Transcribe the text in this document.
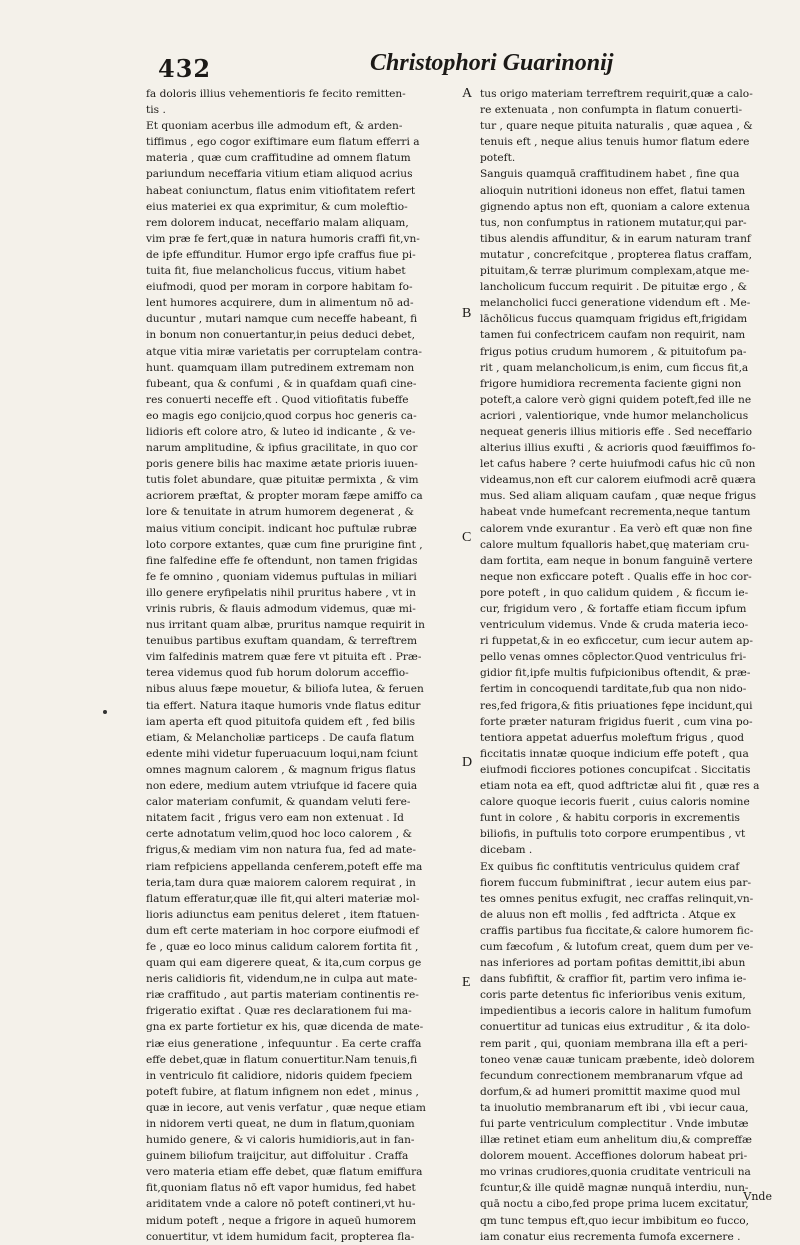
432	Christophori Guarinonij
fa doloris illius vehementioris fe fecito remitten-
tis .
Et quoniam acerbus ille admodum eft, & arden-
tiffimus , ego cogor exiftimare eum flatum efferri a
materia , quæ cum craffitudine ad omnem flatum
pariundum neceffaria vitium etiam aliquod acrius
habeat coniunctum, flatus enim vitiofitatem refert
eius materiei ex qua exprimitur, & cum moleftio-
rem dolorem inducat, neceffario malam aliquam,
vim præ fe fert,quæ in natura humoris craffi fit,vn-
de ipfe effunditur. Humor ergo ipfe craffus fiue pi-
tuita fit, fiue melancholicus fuccus, vitium habet
eiufmodi, quod per moram in corpore habitam fo-
lent humores acquirere, dum in alimentum nō ad-
ducuntur , mutari namque cum neceffe habeant, fi
in bonum non conuertantur,in peius deduci debet,
atque vitia miræ varietatis per corruptelam contra-
hunt. quamquam illam putredinem extremam non
fubeant, qua & confumi , & in quafdam quafi cine-
res conuerti neceffe eft . Quod vitiofitatis fubeffe
eo magis ego conijcio,quod corpus hoc generis ca-
lidioris eft colore atro, & luteo id indicante , & ve-
narum amplitudine, & ipfius gracilitate, in quo cor
poris genere bilis hac maxime ætate prioris iuuen-
tutis folet abundare, quæ pituitæ permixta , & vim
acriorem præftat, & propter moram fæpe amiffo ca
lore & tenuitate in atrum humorem degenerat , &
maius vitium concipit. indicant hoc puftulæ rubræ
loto corpore extantes, quæ cum fine prurigine fint ,
fine falfedine effe fe oftendunt, non tamen frigidas
fe fe omnino , quoniam videmus puftulas in miliari
illo genere eryfipelatis nihil pruritus habere , vt in
vrinis rubris, & flauis admodum videmus, quæ mi-
nus irritant quam albæ, pruritus namque requirit in
tenuibus partibus exuftam quandam, & terreftrem
vim falfedinis matrem quæ fere vt pituita eft . Præ-
terea videmus quod fub horum dolorum acceffio-
nibus aluus fæpe mouetur, & biliofa lutea, & feruen
tia effert. Natura itaque humoris vnde flatus editur
iam aperta eft quod pituitofa quidem eft , fed bilis
etiam, & Melancholiæ particeps . De caufa flatum
edente mihi videtur fuperuacuum loqui,nam fciunt
omnes magnum calorem , & magnum frigus flatus
non edere, medium autem vtriufque id facere quia
calor materiam confumit, & quandam veluti fere-
nitatem facit , frigus vero eam non extenuat . Id
certe adnotatum velim,quod hoc loco calorem , &
frigus,& mediam vim non natura fua, fed ad mate-
riam refpiciens appellanda cenferem,poteft effe ma
teria,tam dura quæ maiorem calorem requirat , in
flatum efferatur,quæ ille fit,qui alteri materiæ mol-
lioris adiunctus eam penitus deleret , item ftatuen-
dum eft certe materiam in hoc corpore eiufmodi ef
fe , quæ eo loco minus calidum calorem fortita fit ,
quam qui eam digerere queat, & ita,cum corpus ge
neris calidioris fit, videndum,ne in culpa aut mate-
riæ craffitudo , aut partis materiam continentis re-
frigeratio exiftat . Quæ res declarationem fui ma-
gna ex parte fortietur ex his, quæ dicenda de mate-
riæ eius generatione , infequuntur . Ea certe craffa
effe debet,quæ in flatum conuertitur.Nam tenuis,fi
in ventriculo fit calidiore, nidoris quidem fpeciem
poteft fubire, at flatum infignem non edet , minus ,
quæ in iecore, aut venis verfatur , quæ neque etiam
in nidorem verti queat, ne dum in flatum,quoniam
humido genere, & vi caloris humidioris,aut in fan-
guinem biliofum traijcitur, aut diffoluitur . Craffa
vero materia etiam effe debet, quæ flatum emiffura
fit,quoniam flatus nō eft vapor humidus, fed habet
ariditatem vnde a calore nō poteft contineri,vt hu-
midum poteft , neque a frigore in aqueū humorem
conuertitur, vt idem humidum facit, propterea fla-
A
B
C
D
E
tus origo materiam terreftrem requirit,quæ a calo-
re extenuata , non confumpta in flatum conuerti-
tur , quare neque pituita naturalis , quæ aquea , &
tenuis eft , neque alius tenuis humor flatum edere
poteft.
Sanguis quamquā craffitudinem habet , fine qua
alioquin nutritioni idoneus non effet, flatui tamen
gignendo aptus non eft, quoniam a calore extenua
tus, non confumptus in rationem mutatur,qui par-
tibus alendis affunditur, & in earum naturam tranf
mutatur , concrefcitque , propterea flatus craffam,
pituitam,& terræ plurimum complexam,atque me-
lancholicum fuccum requirit . De pituitæ ergo , &
melancholici fucci generatione videndum eft . Me-
lāchōlicus fuccus quamquam frigidus eft,frigidam
tamen fui confectricem caufam non requirit, nam
frigus potius crudum humorem , & pituitofum pa-
rit , quam melancholicum,is enim, cum ficcus fit,a
frigore humidiora recrementa faciente gigni non
poteft,a calore verò gigni quidem poteft,fed ille ne
acriori , valentiorique, vnde humor melancholicus
nequeat generis illius mitioris effe . Sed neceffario
alterius illius exufti , & acrioris quod fæuiffimos fo-
let cafus habere ? certe huiufmodi cafus hic cū non
videamus,non eft cur calorem eiufmodi acrē quæra
mus. Sed aliam aliquam caufam , quæ neque frigus
habeat vnde humefcant recrementa,neque tantum
calorem vnde exurantur . Ea verò eft quæ non fine
calore multum fqualloris habet,quę materiam cru-
dam fortita, eam neque in bonum fanguinē vertere
neque non exficcare poteft . Qualis effe in hoc cor-
pore poteft , in quo calidum quidem , & ficcum ie-
cur, frigidum vero , & fortaffe etiam ficcum ipfum
ventriculum videmus. Vnde & cruda materia ieco-
ri fuppetat,& in eo exficcetur, cum iecur autem ap-
pello venas omnes cōplector.Quod ventriculus fri-
gidior fit,ipfe multis fufpicionibus oftendit, & præ-
fertim in concoquendi tarditate,fub qua non nido-
res,fed frigora,& fitis priuationes fępe incidunt,qui
forte præter naturam frigidus fuerit , cum vina po-
tentiora appetat aduerfus moleftum frigus , quod
ficcitatis innatæ quoque indicium effe poteft , qua
eiufmodi ficciores potiones concupifcat . Siccitatis
etiam nota ea eft, quod adftrictæ alui fit , quæ res a
calore quoque iecoris fuerit , cuius caloris nomine
funt in colore , & habitu corporis in excrementis
biliofis, in puftulis toto corpore erumpentibus , vt
dicebam .
Ex quibus fic conftitutis ventriculus quidem craf
fiorem fuccum fubminiftrat , iecur autem eius par-
tes omnes penitus exfugit, nec craffas relinquit,vn-
de aluus non eft mollis , fed adftricta . Atque ex
craffis partibus fua ficcitate,& calore humorem fic-
cum fæcofum , & lutofum creat, quem dum per ve-
nas inferiores ad portam pofitas demittit,ibi abun
dans fubfiftit, & craffior fit, partim vero infima ie-
coris parte detentus fic inferioribus venis exitum,
impedientibus a iecoris calore in halitum fumofum
conuertitur ad tunicas eius extruditur , & ita dolo-
rem parit , qui, quoniam membrana illa eft a peri-
toneo venæ cauæ tunicam præbente, ideò dolorem
fecundum conrectionem membranarum vfque ad
dorfum,& ad humeri promittit maxime quod mul
ta inuolutio membranarum eft ibi , vbi iecur caua,
fui parte ventriculum complectitur . Vnde imbutæ
illæ retinet etiam eum anhelitum diu,& compreffæ
dolorem mouent. Acceffiones dolorum habeat pri-
mo vrinas crudiores,quonia cruditate ventriculi na
fcuntur,& ille quidē magnæ nunquā interdiu, nun-
quā noctu a cibo,fed prope prima lucem excitatur,
qm tunc tempus eft,quo iecur imbibitum eo fucco,
iam conatur eius recrementa fumofa excernere .
Vnde
